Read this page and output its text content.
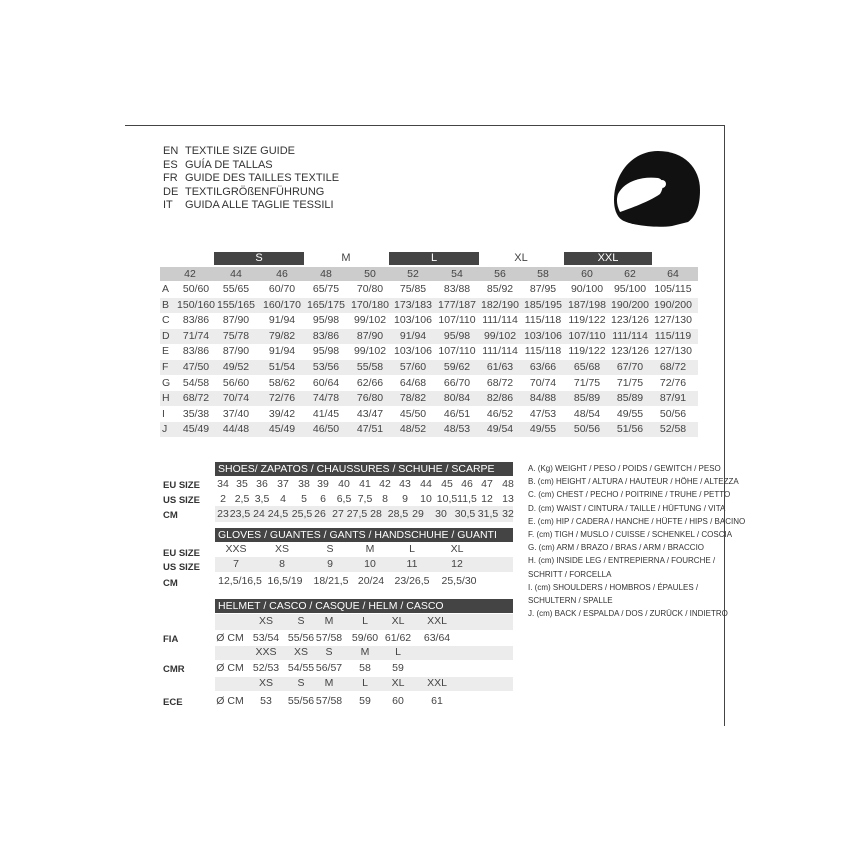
EN TEXTILE SIZE GUIDE
ES GUÍA DE TALLAS
FR GUIDE DES TAILLES TEXTILE
DE TEXTILGRÖßENFÜHRUNG
IT	GUIDA ALLE TAGLIE TESSILI
S	M	L	XL	XXL
42	44	46	48	50	52	54	56	58	60	62	64
A 50/60 55/65 60/70 65/75 70/80 75/85 83/88 85/92 87/95 90/100 95/100 105/115
B 150/160 155/165 160/170 165/175 170/180 173/183 177/187 182/190 185/195 187/198 190/200 190/200
C 83/86 87/90 91/94 95/98 99/102 103/106 107/110 111/114 115/118 119/122 123/126 127/130
D 71/74 75/78 79/82 83/86 87/90 91/94 95/98 99/102 103/106 107/110 111/114 115/119
E 83/86 87/90 91/94 95/98 99/102 103/106 107/110 111/114 115/118 119/122 123/126 127/130
F 47/50 49/52 51/54 53/56 55/58 57/60 59/62 61/63 63/66 65/68 67/70 68/72
G 54/58 56/60 58/62 60/64 62/66 64/68 66/70 68/72 70/74 71/75 71/75 72/76
H 68/72 70/74 72/76 74/78 76/80 78/82 80/84 82/86 84/88 85/89 85/89 87/91
I 35/38 37/40 39/42 41/45 43/47 45/50 46/51 46/52 47/53 48/54 49/55 50/56
J 45/49 44/48 45/49 46/50 47/51 48/52 48/53 49/54 49/55 50/56 51/56 52/58
SHOES/ ZAPATOS / CHAUSSURES / SCHUHE / SCARPE
EU SIZE
US SIZE
CM
34 35 36 37 38 39 40 41 42 43 44 45 46 47 48
2 2,5 3,5 4 5 6 6,5 7,5 8 9 10 10,5 11,5 12 13
23 23,5 24 24,5 25,5 26 27 27,5 28 28,5 29 30 30,5 31,5 32
GLOVES / GUANTES / GANTS / HANDSCHUHE / GUANTI
EU SIZE
US SIZE
CM
XXS	XS	S	M	L	XL
7	8	9	10	11	12
12,5/16,5 16,5/19 18/21,5 20/24 23/26,5 25,5/30
HELMET / CASCO / CASQUE / HELM / CASCO
FIA
CMR
ECE
XS S M	L XL XXL
Ø CM 53/54 55/56 57/58 59/60 61/62 63/64
XXS XS S	M L
Ø CM 52/53 54/55 56/57 58 59
XS S M	L XL XXL
Ø CM 53 55/56 57/58 59 60	61
A. (Kg) WEIGHT / PESO / POIDS / GEWITCH / PESO
B. (cm) HEIGHT / ALTURA / HAUTEUR / HÖHE / ALTEZZA
C. (cm) CHEST / PECHO / POITRINE / TRUHE / PETTO
D. (cm) WAIST / CINTURA / TAILLE / HÜFTUNG / VITA
E. (cm) HIP / CADERA / HANCHE / HÜFTE / HIPS / BACINO
F. (cm) TIGH / MUSLO / CUISSE / SCHENKEL / COSCIA
G. (cm) ARM / BRAZO / BRAS / ARM / BRACCIO
H. (cm) INSIDE LEG / ENTREPIERNA / FOURCHE /
SCHRITT / FORCELLA
I. (cm) SHOULDERS / HOMBROS / ÉPAULES /
SCHULTERN / SPALLE
J. (cm) BACK / ESPALDA / DOS / ZURÜCK / INDIETRO
